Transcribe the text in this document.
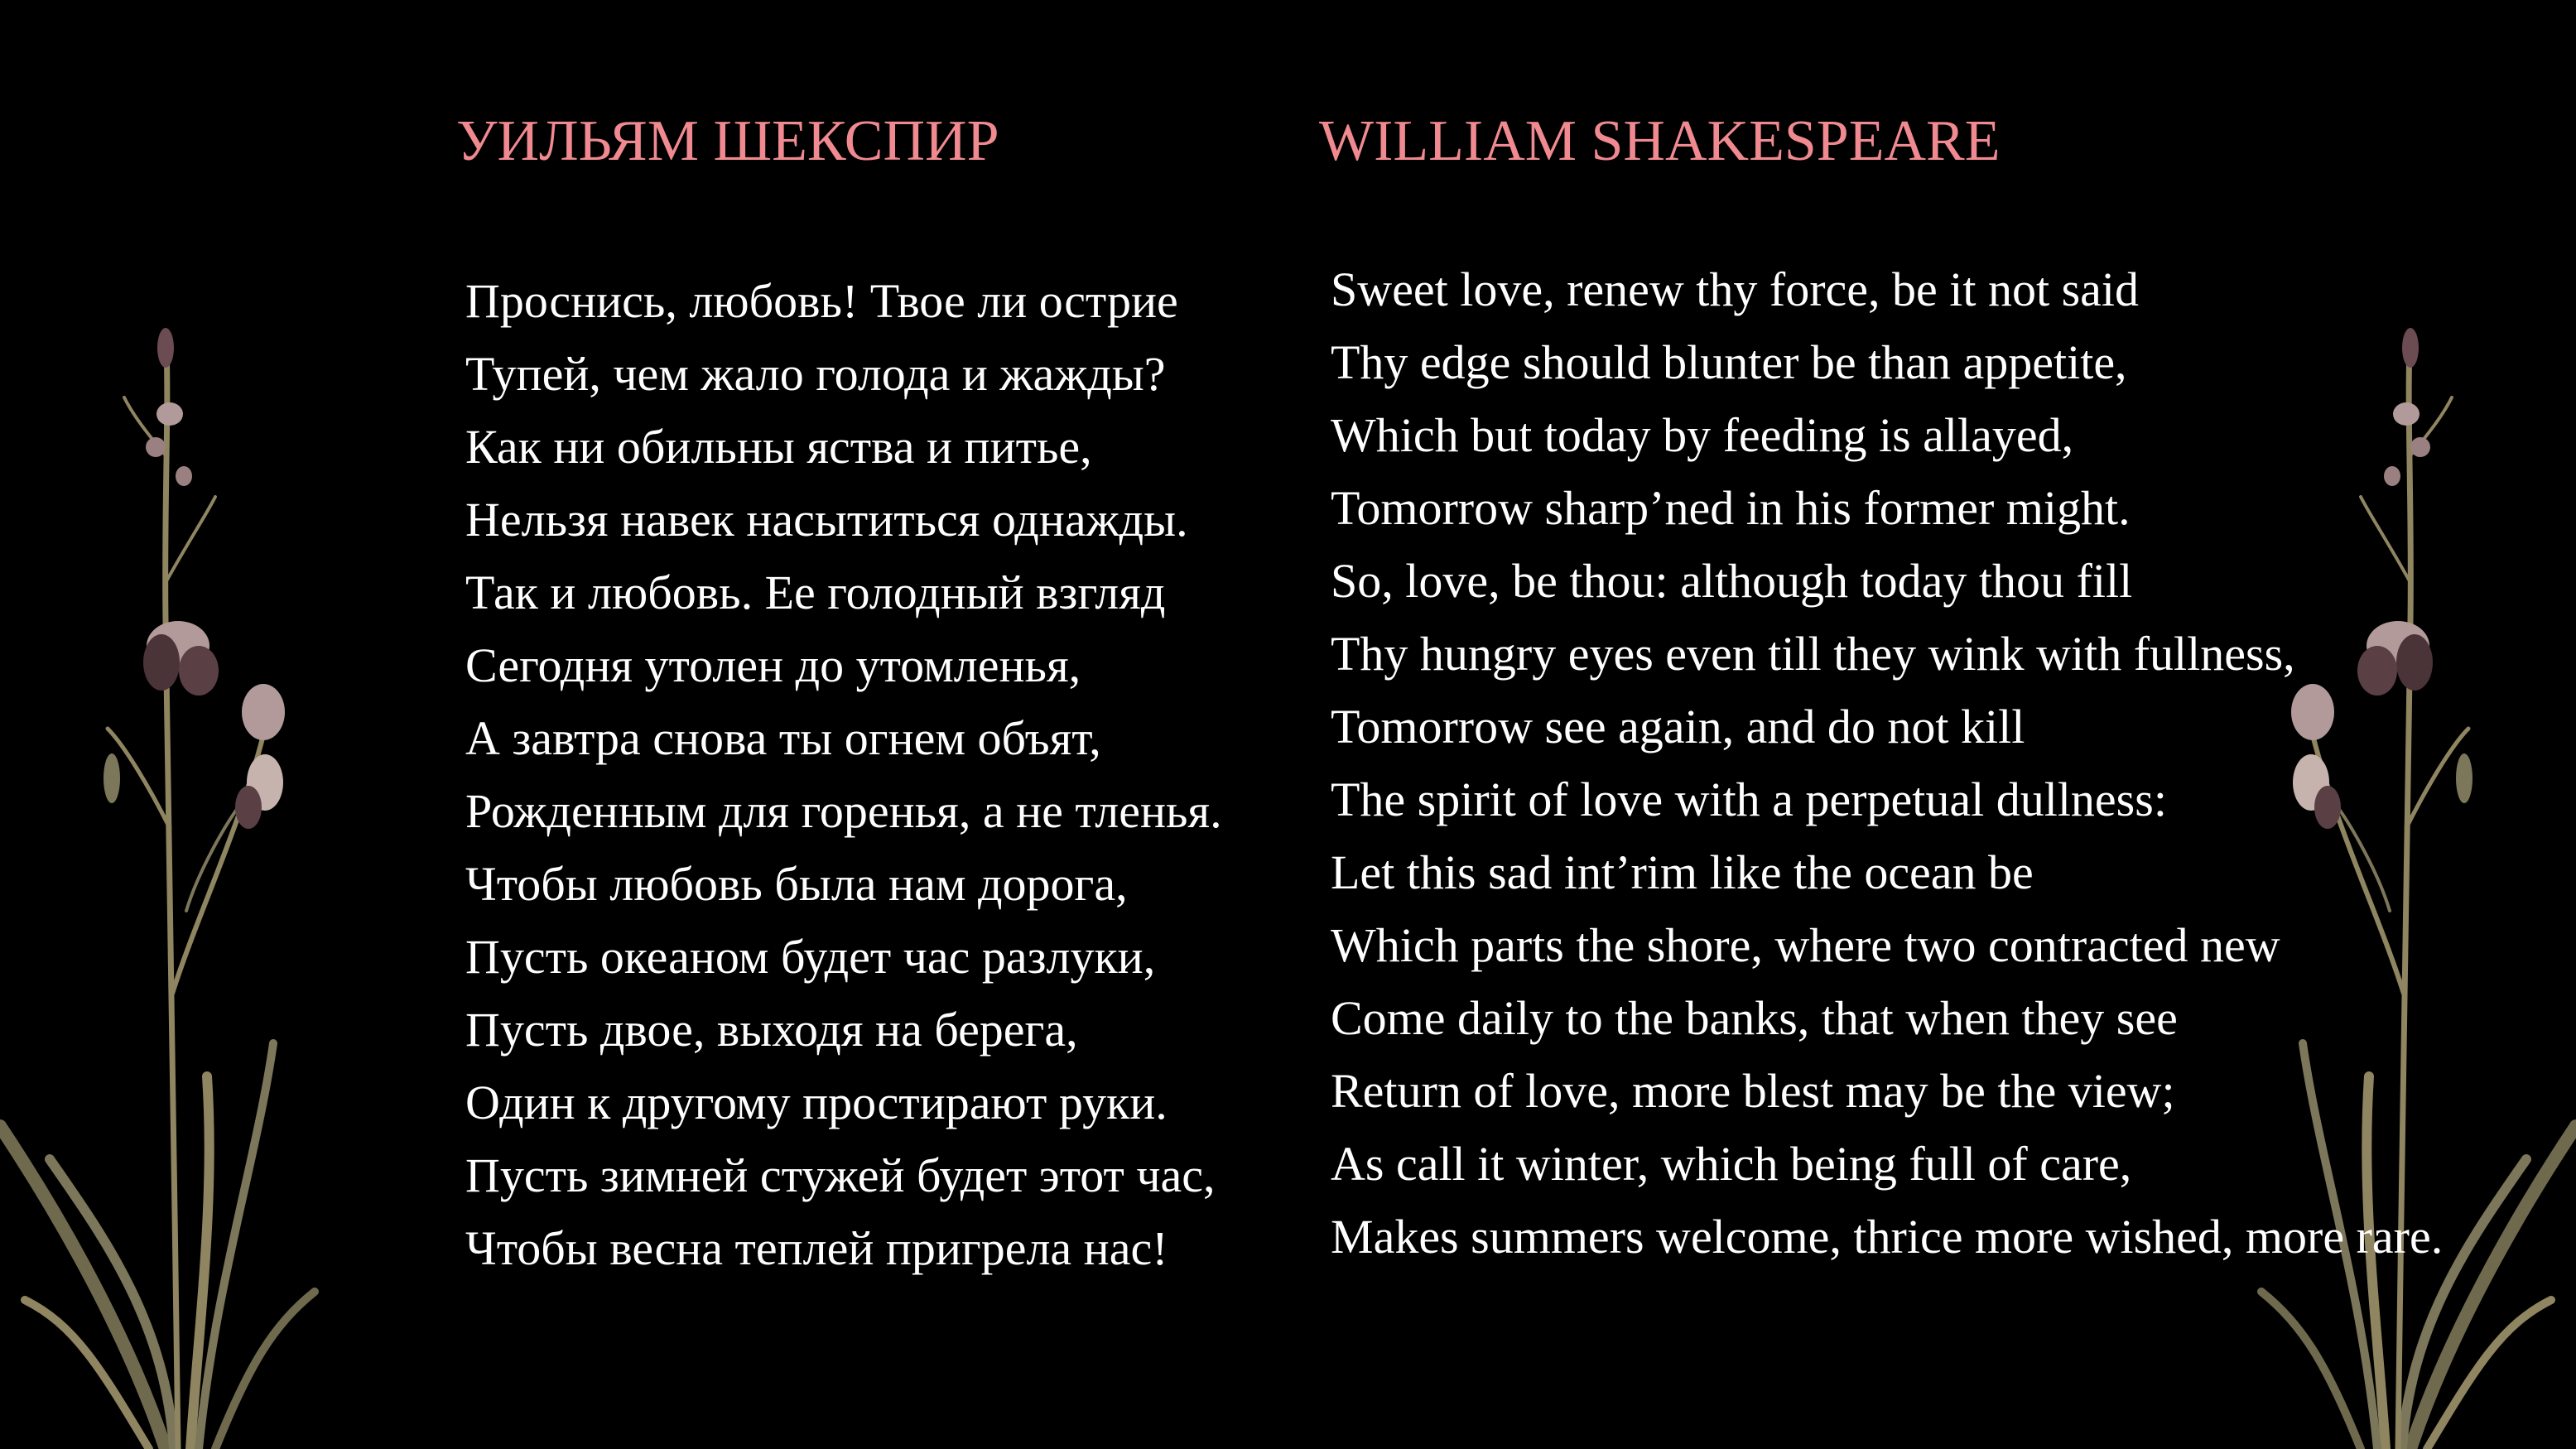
УИЛЬЯМ ШЕКСПИР	WILLIAM SHAKESPEARE
Проснись, любовь! Твое ли острие
Тупей, чем жало голода и жажды?
Как ни обильны яства и питье,
Нельзя навек насытиться однажды.
Так и любовь. Ее голодный взгляд
Сегодня утолен до утомленья,
А завтра снова ты огнем объят,
Рожденным для горенья, а не тленья.
Чтобы любовь была нам дорога,
Пусть океаном будет час разлуки,
Пусть двое, выходя на берега,
Один к другому простирают руки.
Пусть зимней стужей будет этот час,
Чтобы весна теплей пригрела нас!
Sweet love, renew thy force, be it not said
Thy edge should blunter be than appetite,
Which but today by feeding is allayed,
Tomorrow sharp’ned in his former might.
So, love, be thou: although today thou fill
Thy hungry eyes even till they wink with fullness,
Tomorrow see again, and do not kill
The spirit of love with a perpetual dullness:
Let this sad int’rim like the ocean be
Which parts the shore, where two contracted new
Come daily to the banks, that when they see
Return of love, more blest may be the view;
As call it winter, which being full of care,
Makes summers welcome, thrice more wished, more rare.
